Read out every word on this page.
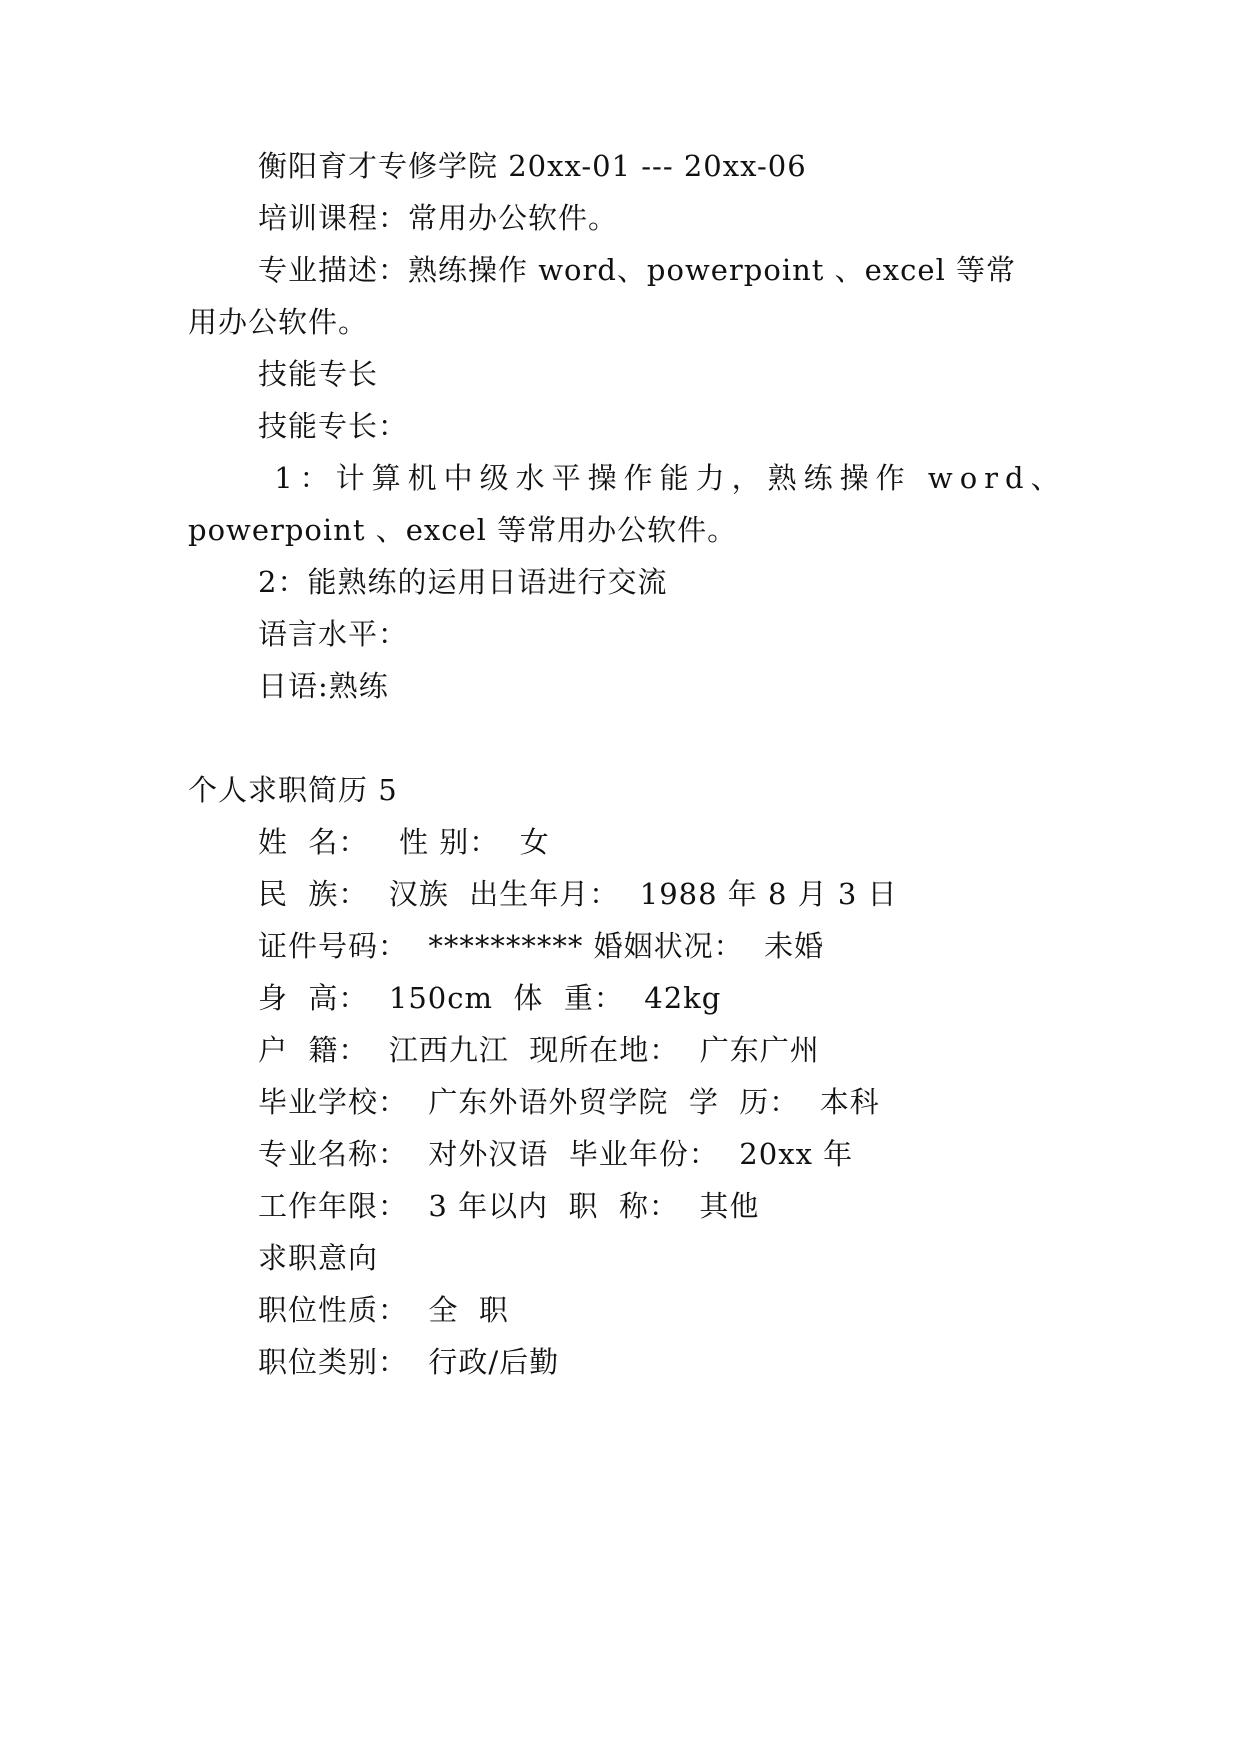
衡阳育才专修学院 20xx-01 --- 20xx-06
培训课程：常用办公软件。
专业描述：熟练操作 word、powerpoint 、excel 等常
用办公软件。
技能专长
技能专长：
1：计算机中级水平操作能力，熟练操作 word、
powerpoint 、excel 等常用办公软件。
2：能熟练的运用日语进行交流
语言水平：
日语:熟练
个人求职简历 5
姓  名：   性 别：  女
民  族：  汉族  出生年月：  1988 年 8 月 3 日
证件号码：  ********** 婚姻状况：  未婚
身  高：  150cm  体  重：  42kg
户  籍：  江西九江  现所在地：  广东广州
毕业学校：  广东外语外贸学院  学  历：  本科
专业名称：  对外汉语  毕业年份：  20xx 年
工作年限：  3 年以内  职  称：  其他
求职意向
职位性质：  全  职
职位类别：  行政/后勤
